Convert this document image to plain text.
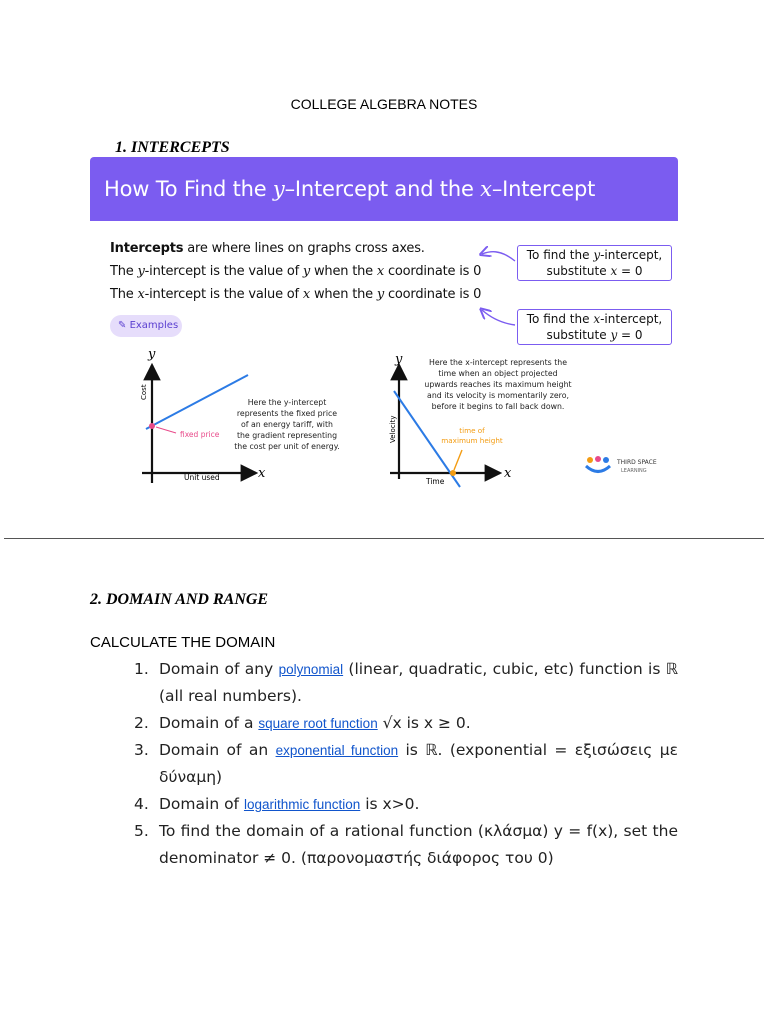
COLLEGE ALGEBRA NOTES
1. INTERCEPTS
How To Find the y–Intercept and the x–Intercept
Intercepts are where lines on graphs cross axes.
The y-intercept is the value of y when the x coordinate is 0
The x-intercept is the value of x when the y coordinate is 0
To find the y-intercept,
substitute x = 0
To find the x-intercept,
substitute y = 0
✎ Examples
y
x
Cost
Unit used
fixed price
Here the y-intercept
represents the fixed price
of an energy tariff, with
the gradient representing
the cost per unit of energy.
y
x
Velocity
Time
time of
maximum height
Here the x-intercept represents the
time when an object projected
upwards reaches its maximum height
and its velocity is momentarily zero,
before it begins to fall back down.
THIRD SPACE
LEARNING
2. DOMAIN AND RANGE
CALCULATE THE DOMAIN
1. Domain of any polynomial (linear, quadratic, cubic, etc) function is ℝ (all real numbers).
2. Domain of a square root function √x is x ≥ 0.
3. Domain of an exponential function is ℝ. (exponential = εξισώσεις με δύναμη)
4. Domain of logarithmic function is x>0.
5. To find the domain of a rational function (κλάσμα) y = f(x), set the denominator ≠ 0. (παρονομαστής διάφορος του 0)
